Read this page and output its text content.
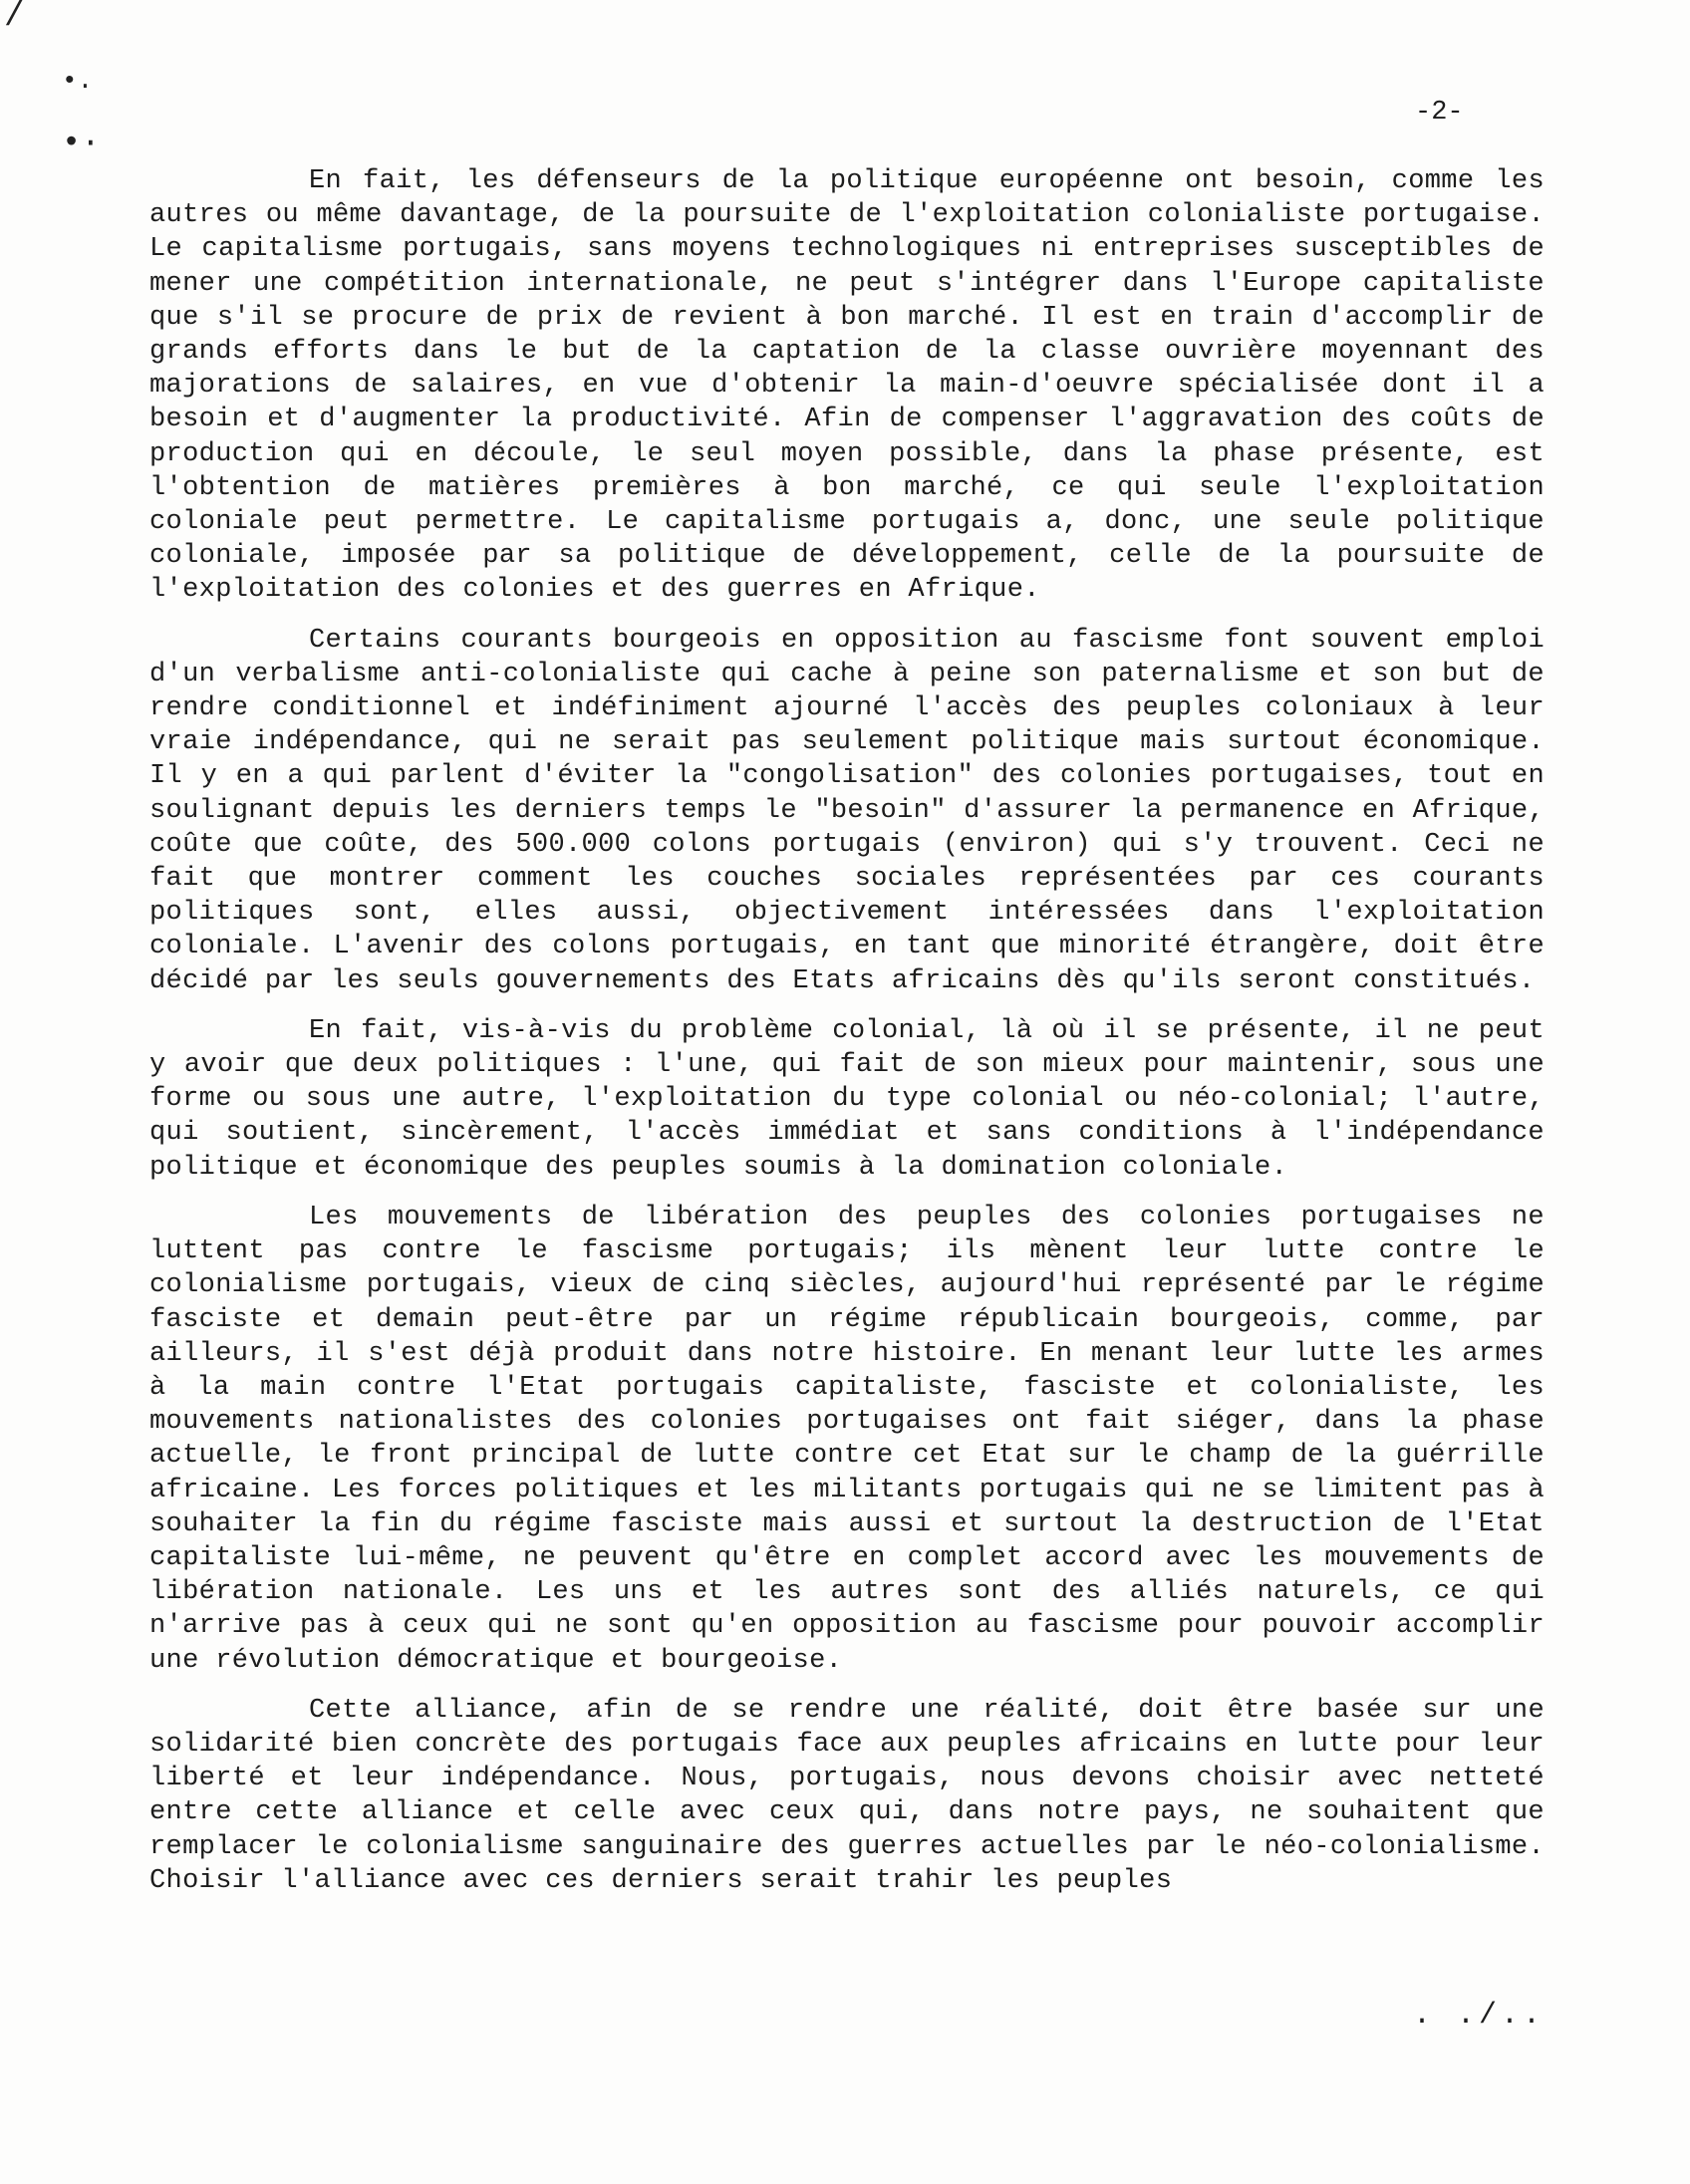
/
•.
•·
-2-

En fait, les défenseurs de la politique européenne ont besoin, comme les autres ou même davantage, de la poursuite de l'exploitation colonialiste portugaise. Le capitalisme portugais, sans moyens technologiques ni entreprises susceptibles de mener une compétition internationale, ne peut s'intégrer dans l'Europe capitaliste que s'il se procure de prix de revient à bon marché. Il est en train d'accomplir de grands efforts dans le but de la captation de la classe ouvrière moyennant des majorations de salaires, en vue d'obtenir la main-d'oeuvre spécialisée dont il a besoin et d'augmenter la productivité. Afin de compenser l'aggravation des coûts de production qui en découle, le seul moyen possible, dans la phase présente, est l'obtention de matières premières à bon marché, ce qui seule l'exploitation coloniale peut permettre. Le capitalisme portugais a, donc, une seule politique coloniale, imposée par sa politique de développement, celle de la poursuite de l'exploitation des colonies et des guerres en Afrique.

Certains courants bourgeois en opposition au fascisme font souvent emploi d'un verbalisme anti-colonialiste qui cache à peine son paternalisme et son but de rendre conditionnel et indéfiniment ajourné l'accès des peuples coloniaux à leur vraie indépendance, qui ne serait pas seulement politique mais surtout économique. Il y en a qui parlent d'éviter la "congolisation" des colonies portugaises, tout en soulignant depuis les derniers temps le "besoin" d'assurer la permanence en Afrique, coûte que coûte, des 500.000 colons portugais (environ) qui s'y trouvent. Ceci ne fait que montrer comment les couches sociales représentées par ces courants politiques sont, elles aussi, objectivement intéressées dans l'exploitation coloniale. L'avenir des colons portugais, en tant que minorité étrangère, doit être décidé par les seuls gouvernements des Etats africains dès qu'ils seront constitués.

En fait, vis-à-vis du problème colonial, là où il se présente, il ne peut y avoir que deux politiques : l'une, qui fait de son mieux pour maintenir, sous une forme ou sous une autre, l'exploitation du type colonial ou néo-colonial; l'autre, qui soutient, sincèrement, l'accès immédiat et sans conditions à l'indépendance politique et économique des peuples soumis à la domination coloniale.

Les mouvements de libération des peuples des colonies portugaises ne luttent pas contre le fascisme portugais; ils mènent leur lutte contre le colonialisme portugais, vieux de cinq siècles, aujourd'hui représenté par le régime fasciste et demain peut-être par un régime républicain bourgeois, comme, par ailleurs, il s'est déjà produit dans notre histoire. En menant leur lutte les armes à la main contre l'Etat portugais capitaliste, fasciste et colonialiste, les mouvements nationalistes des colonies portugaises ont fait siéger, dans la phase actuelle, le front principal de lutte contre cet Etat sur le champ de la guérrille africaine. Les forces politiques et les militants portugais qui ne se limitent pas à souhaiter la fin du régime fasciste mais aussi et surtout la destruction de l'Etat capitaliste lui-même, ne peuvent qu'être en complet accord avec les mouvements de libération nationale. Les uns et les autres sont des alliés naturels, ce qui n'arrive pas à ceux qui ne sont qu'en opposition au fascisme pour pouvoir accomplir une révolution démocratique et bourgeoise.

Cette alliance, afin de se rendre une réalité, doit être basée sur une solidarité bien concrète des portugais face aux peuples africains en lutte pour leur liberté et leur indépendance. Nous, portugais, nous devons choisir avec netteté entre cette alliance et celle avec ceux qui, dans notre pays, ne souhaitent que remplacer le colonialisme sanguinaire des guerres actuelles par le néo-colonialisme. Choisir l'alliance avec ces derniers serait trahir les peuples

. ./..
